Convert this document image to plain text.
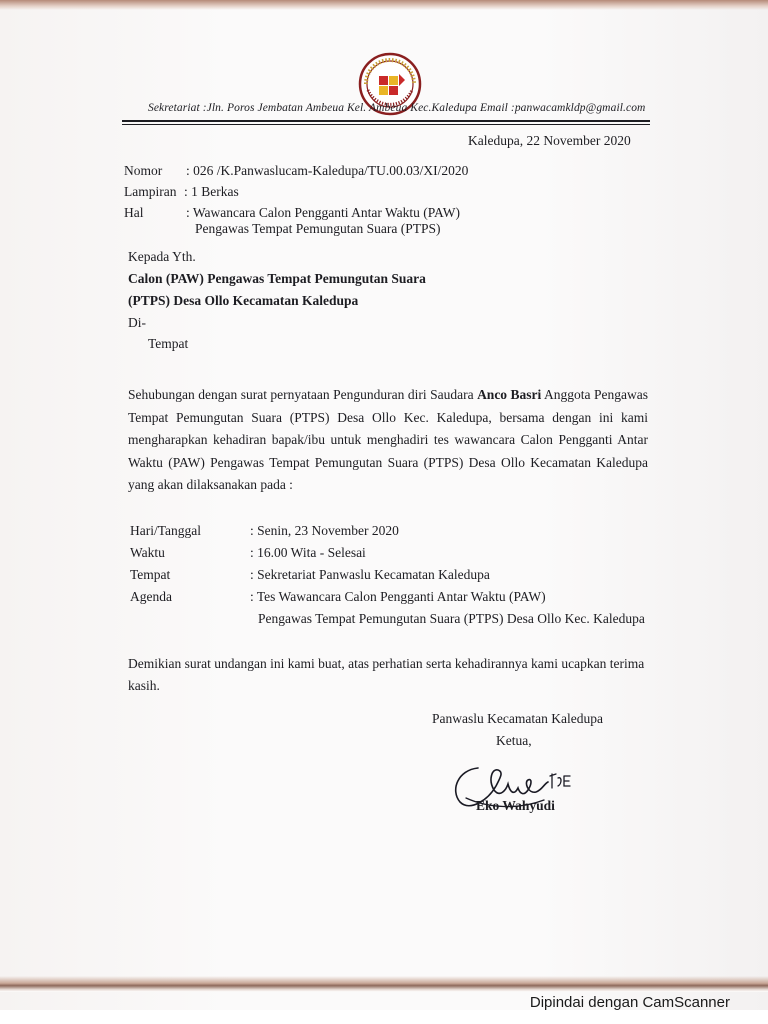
Sekretariat :Jln. Poros Jembatan Ambeua Kel. Ambeua Kec.Kaledupa Email :panwacamkldp@gmail.com
Kaledupa, 22 November 2020
Nomor : 026 /K.Panwaslucam-Kaledupa/TU.00.03/XI/2020
Lampiran : 1 Berkas
Hal	: Wawancara Calon Pengganti Antar Waktu (PAW)
Pengawas Tempat Pemungutan Suara (PTPS)
Kepada Yth.
Calon (PAW) Pengawas Tempat Pemungutan Suara
(PTPS) Desa Ollo Kecamatan Kaledupa
Di-
Tempat
Sehubungan dengan surat pernyataan Pengunduran diri Saudara Anco Basri Anggota Pengawas
Tempat Pemungutan Suara (PTPS) Desa Ollo Kec. Kaledupa, bersama dengan ini kami
mengharapkan kehadiran bapak/ibu untuk menghadiri tes wawancara Calon Pengganti Antar
Waktu (PAW) Pengawas Tempat Pemungutan Suara (PTPS) Desa Ollo Kecamatan Kaledupa
yang akan dilaksanakan pada :
Hari/Tanggal	: Senin, 23 November 2020
Waktu	: 16.00 Wita - Selesai
Tempat	: Sekretariat Panwaslu Kecamatan Kaledupa
Agenda	: Tes Wawancara Calon Pengganti Antar Waktu (PAW)
Pengawas Tempat Pemungutan Suara (PTPS) Desa Ollo Kec. Kaledupa
Demikian surat undangan ini kami buat, atas perhatian serta kehadirannya kami ucapkan terima
kasih.
Panwaslu Kecamatan Kaledupa
Ketua,
Eko Wahyudi
Dipindai dengan CamScanner
